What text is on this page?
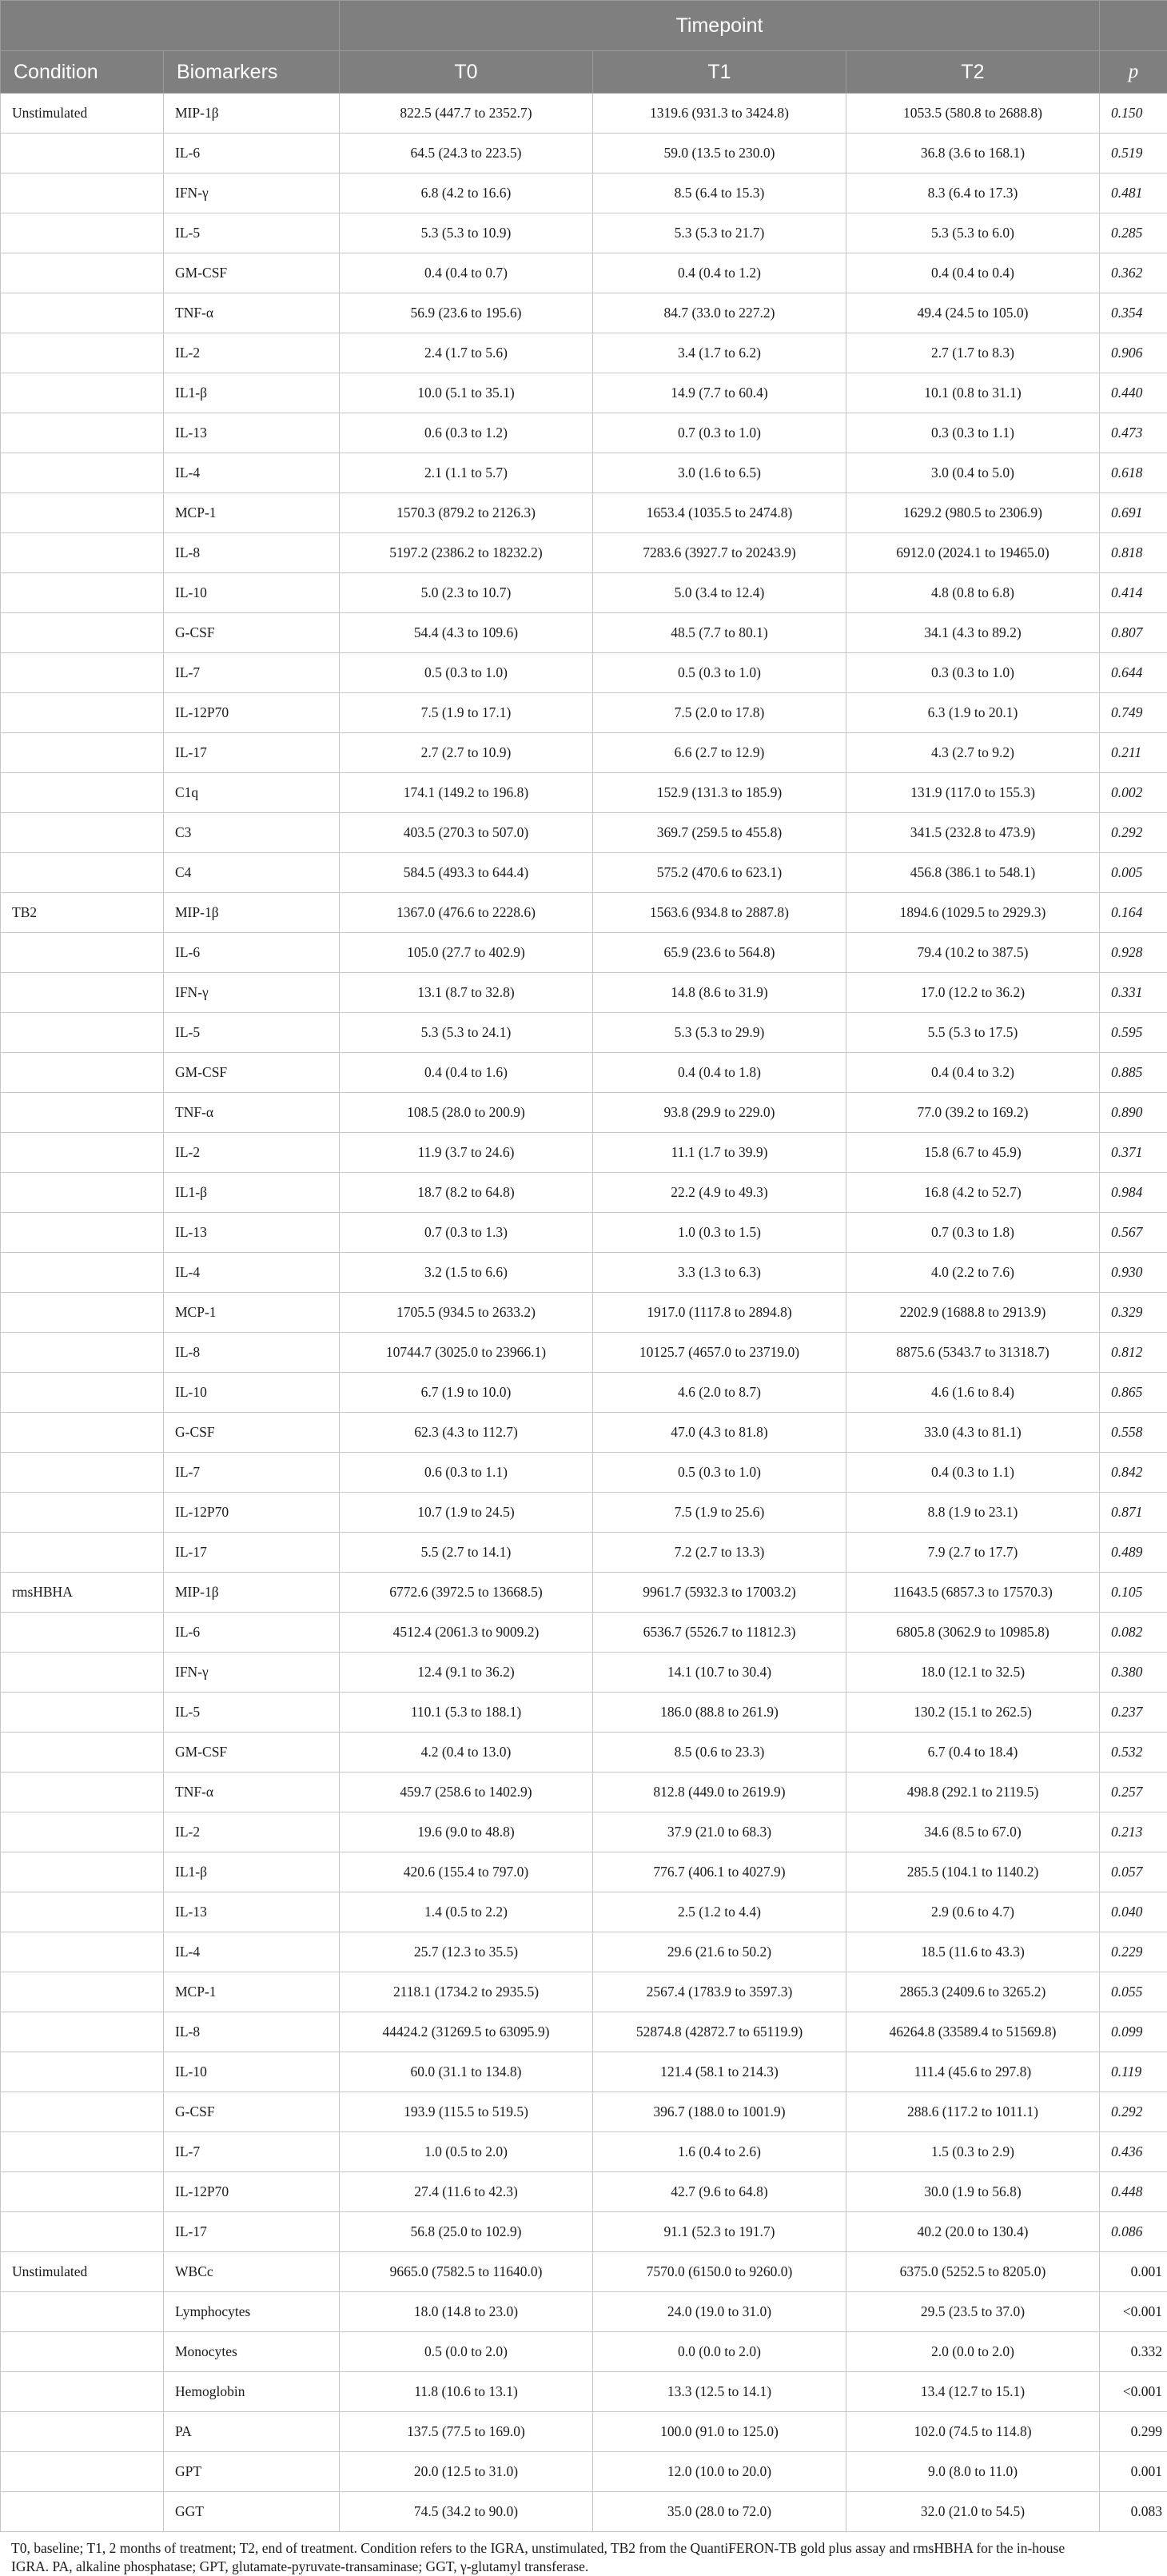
		Timepoint			
Condition	Biomarkers	T0	T1	T2	p
Unstimulated	MIP-1β	822.5 (447.7 to 2352.7)	1319.6 (931.3 to 3424.8)	1053.5 (580.8 to 2688.8)	0.150
	IL-6	64.5 (24.3 to 223.5)	59.0 (13.5 to 230.0)	36.8 (3.6 to 168.1)	0.519
	IFN-γ	6.8 (4.2 to 16.6)	8.5 (6.4 to 15.3)	8.3 (6.4 to 17.3)	0.481
	IL-5	5.3 (5.3 to 10.9)	5.3 (5.3 to 21.7)	5.3 (5.3 to 6.0)	0.285
	GM-CSF	0.4 (0.4 to 0.7)	0.4 (0.4 to 1.2)	0.4 (0.4 to 0.4)	0.362
	TNF-α	56.9 (23.6 to 195.6)	84.7 (33.0 to 227.2)	49.4 (24.5 to 105.0)	0.354
	IL-2	2.4 (1.7 to 5.6)	3.4 (1.7 to 6.2)	2.7 (1.7 to 8.3)	0.906
	IL1-β	10.0 (5.1 to 35.1)	14.9 (7.7 to 60.4)	10.1 (0.8 to 31.1)	0.440
	IL-13	0.6 (0.3 to 1.2)	0.7 (0.3 to 1.0)	0.3 (0.3 to 1.1)	0.473
	IL-4	2.1 (1.1 to 5.7)	3.0 (1.6 to 6.5)	3.0 (0.4 to 5.0)	0.618
	MCP-1	1570.3 (879.2 to 2126.3)	1653.4 (1035.5 to 2474.8)	1629.2 (980.5 to 2306.9)	0.691
	IL-8	5197.2 (2386.2 to 18232.2)	7283.6 (3927.7 to 20243.9)	6912.0 (2024.1 to 19465.0)	0.818
	IL-10	5.0 (2.3 to 10.7)	5.0 (3.4 to 12.4)	4.8 (0.8 to 6.8)	0.414
	G-CSF	54.4 (4.3 to 109.6)	48.5 (7.7 to 80.1)	34.1 (4.3 to 89.2)	0.807
	IL-7	0.5 (0.3 to 1.0)	0.5 (0.3 to 1.0)	0.3 (0.3 to 1.0)	0.644
	IL-12P70	7.5 (1.9 to 17.1)	7.5 (2.0 to 17.8)	6.3 (1.9 to 20.1)	0.749
	IL-17	2.7 (2.7 to 10.9)	6.6 (2.7 to 12.9)	4.3 (2.7 to 9.2)	0.211
	C1q	174.1 (149.2 to 196.8)	152.9 (131.3 to 185.9)	131.9 (117.0 to 155.3)	0.002
	C3	403.5 (270.3 to 507.0)	369.7 (259.5 to 455.8)	341.5 (232.8 to 473.9)	0.292
	C4	584.5 (493.3 to 644.4)	575.2 (470.6 to 623.1)	456.8 (386.1 to 548.1)	0.005
TB2	MIP-1β	1367.0 (476.6 to 2228.6)	1563.6 (934.8 to 2887.8)	1894.6 (1029.5 to 2929.3)	0.164
	IL-6	105.0 (27.7 to 402.9)	65.9 (23.6 to 564.8)	79.4 (10.2 to 387.5)	0.928
	IFN-γ	13.1 (8.7 to 32.8)	14.8 (8.6 to 31.9)	17.0 (12.2 to 36.2)	0.331
	IL-5	5.3 (5.3 to 24.1)	5.3 (5.3 to 29.9)	5.5 (5.3 to 17.5)	0.595
	GM-CSF	0.4 (0.4 to 1.6)	0.4 (0.4 to 1.8)	0.4 (0.4 to 3.2)	0.885
	TNF-α	108.5 (28.0 to 200.9)	93.8 (29.9 to 229.0)	77.0 (39.2 to 169.2)	0.890
	IL-2	11.9 (3.7 to 24.6)	11.1 (1.7 to 39.9)	15.8 (6.7 to 45.9)	0.371
	IL1-β	18.7 (8.2 to 64.8)	22.2 (4.9 to 49.3)	16.8 (4.2 to 52.7)	0.984
	IL-13	0.7 (0.3 to 1.3)	1.0 (0.3 to 1.5)	0.7 (0.3 to 1.8)	0.567
	IL-4	3.2 (1.5 to 6.6)	3.3 (1.3 to 6.3)	4.0 (2.2 to 7.6)	0.930
	MCP-1	1705.5 (934.5 to 2633.2)	1917.0 (1117.8 to 2894.8)	2202.9 (1688.8 to 2913.9)	0.329
	IL-8	10744.7 (3025.0 to 23966.1)	10125.7 (4657.0 to 23719.0)	8875.6 (5343.7 to 31318.7)	0.812
	IL-10	6.7 (1.9 to 10.0)	4.6 (2.0 to 8.7)	4.6 (1.6 to 8.4)	0.865
	G-CSF	62.3 (4.3 to 112.7)	47.0 (4.3 to 81.8)	33.0 (4.3 to 81.1)	0.558
	IL-7	0.6 (0.3 to 1.1)	0.5 (0.3 to 1.0)	0.4 (0.3 to 1.1)	0.842
	IL-12P70	10.7 (1.9 to 24.5)	7.5 (1.9 to 25.6)	8.8 (1.9 to 23.1)	0.871
	IL-17	5.5 (2.7 to 14.1)	7.2 (2.7 to 13.3)	7.9 (2.7 to 17.7)	0.489
rmsHBHA	MIP-1β	6772.6 (3972.5 to 13668.5)	9961.7 (5932.3 to 17003.2)	11643.5 (6857.3 to 17570.3)	0.105
	IL-6	4512.4 (2061.3 to 9009.2)	6536.7 (5526.7 to 11812.3)	6805.8 (3062.9 to 10985.8)	0.082
	IFN-γ	12.4 (9.1 to 36.2)	14.1 (10.7 to 30.4)	18.0 (12.1 to 32.5)	0.380
	IL-5	110.1 (5.3 to 188.1)	186.0 (88.8 to 261.9)	130.2 (15.1 to 262.5)	0.237
	GM-CSF	4.2 (0.4 to 13.0)	8.5 (0.6 to 23.3)	6.7 (0.4 to 18.4)	0.532
	TNF-α	459.7 (258.6 to 1402.9)	812.8 (449.0 to 2619.9)	498.8 (292.1 to 2119.5)	0.257
	IL-2	19.6 (9.0 to 48.8)	37.9 (21.0 to 68.3)	34.6 (8.5 to 67.0)	0.213
	IL1-β	420.6 (155.4 to 797.0)	776.7 (406.1 to 4027.9)	285.5 (104.1 to 1140.2)	0.057
	IL-13	1.4 (0.5 to 2.2)	2.5 (1.2 to 4.4)	2.9 (0.6 to 4.7)	0.040
	IL-4	25.7 (12.3 to 35.5)	29.6 (21.6 to 50.2)	18.5 (11.6 to 43.3)	0.229
	MCP-1	2118.1 (1734.2 to 2935.5)	2567.4 (1783.9 to 3597.3)	2865.3 (2409.6 to 3265.2)	0.055
	IL-8	44424.2 (31269.5 to 63095.9)	52874.8 (42872.7 to 65119.9)	46264.8 (33589.4 to 51569.8)	0.099
	IL-10	60.0 (31.1 to 134.8)	121.4 (58.1 to 214.3)	111.4 (45.6 to 297.8)	0.119
	G-CSF	193.9 (115.5 to 519.5)	396.7 (188.0 to 1001.9)	288.6 (117.2 to 1011.1)	0.292
	IL-7	1.0 (0.5 to 2.0)	1.6 (0.4 to 2.6)	1.5 (0.3 to 2.9)	0.436
	IL-12P70	27.4 (11.6 to 42.3)	42.7 (9.6 to 64.8)	30.0 (1.9 to 56.8)	0.448
	IL-17	56.8 (25.0 to 102.9)	91.1 (52.3 to 191.7)	40.2 (20.0 to 130.4)	0.086
Unstimulated	WBCc	9665.0 (7582.5 to 11640.0)	7570.0 (6150.0 to 9260.0)	6375.0 (5252.5 to 8205.0)	0.001
	Lymphocytes	18.0 (14.8 to 23.0)	24.0 (19.0 to 31.0)	29.5 (23.5 to 37.0)	<0.001
	Monocytes	0.5 (0.0 to 2.0)	0.0 (0.0 to 2.0)	2.0 (0.0 to 2.0)	0.332
	Hemoglobin	11.8 (10.6 to 13.1)	13.3 (12.5 to 14.1)	13.4 (12.7 to 15.1)	<0.001
	PA	137.5 (77.5 to 169.0)	100.0 (91.0 to 125.0)	102.0 (74.5 to 114.8)	0.299
	GPT	20.0 (12.5 to 31.0)	12.0 (10.0 to 20.0)	9.0 (8.0 to 11.0)	0.001
	GGT	74.5 (34.2 to 90.0)	35.0 (28.0 to 72.0)	32.0 (21.0 to 54.5)	0.083
T0, baseline; T1, 2 months of treatment; T2, end of treatment. Condition refers to the IGRA, unstimulated, TB2 from the QuantiFERON-TB gold plus assay and rmsHBHA for the in-house
IGRA. PA, alkaline phosphatase; GPT, glutamate-pyruvate-transaminase; GGT, γ-glutamyl transferase.
